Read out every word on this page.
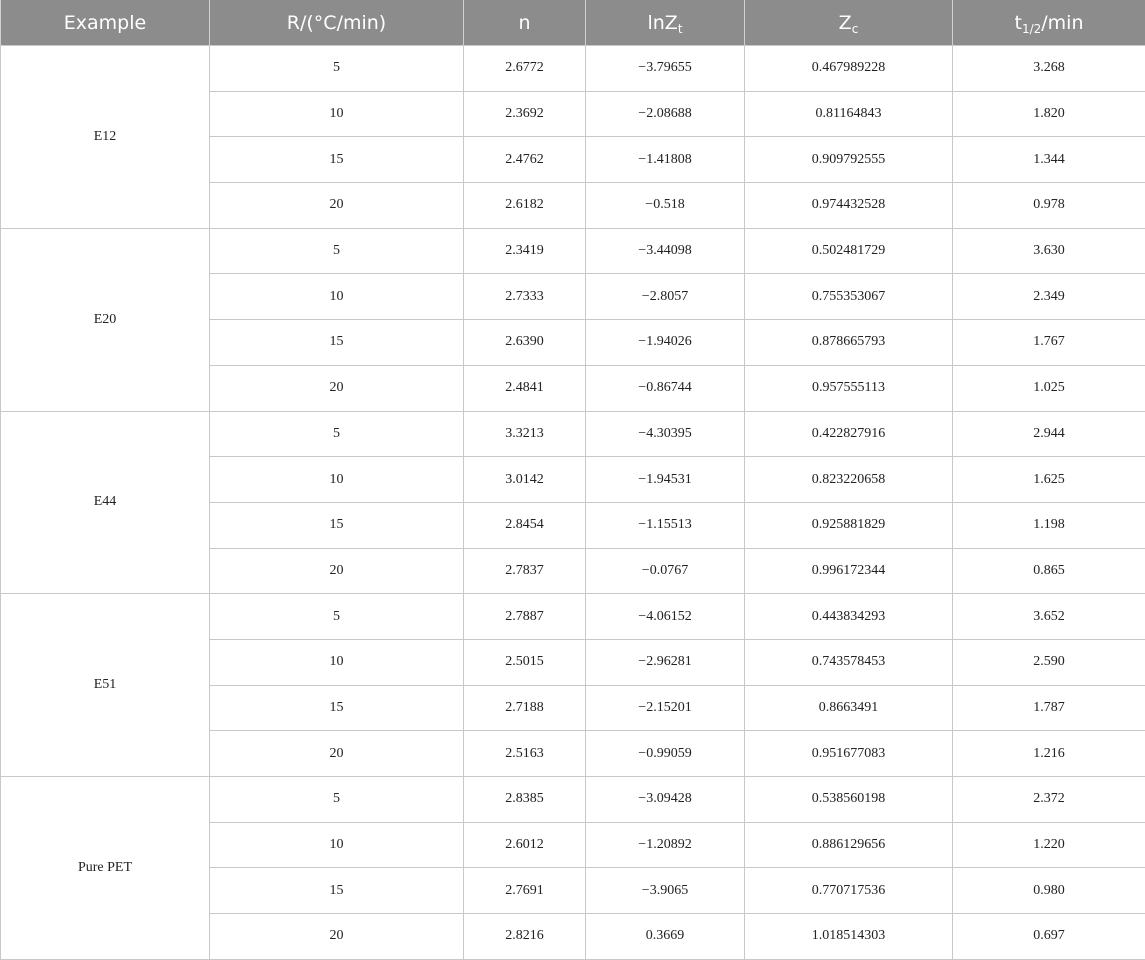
Example	R/(°C/min)	n	lnZ$_t$	$Z_c$	$t_{1/2}/\min$
E12	5	2.6772	−3.79655	0.467989228	3.268
	10	2.3692	−2.08688	0.81164843	1.820
	15	2.4762	−1.41808	0.909792555	1.344
	20	2.6182	−0.518	0.974432528	0.978
E20	5	2.3419	−3.44098	0.502481729	3.630
	10	2.7333	−2.8057	0.755353067	2.349
	15	2.6390	−1.94026	0.878665793	1.767
	20	2.4841	−0.86744	0.957555113	1.025
E44	5	3.3213	−4.30395	0.422827916	2.944
	10	3.0142	−1.94531	0.823220658	1.625
	15	2.8454	−1.15513	0.925881829	1.198
	20	2.7837	−0.0767	0.996172344	0.865
E51	5	2.7887	−4.06152	0.443834293	3.652
	10	2.5015	−2.96281	0.743578453	2.590
	15	2.7188	−2.15201	0.8663491	1.787
	20	2.5163	−0.99059	0.951677083	1.216
Pure PET	5	2.8385	−3.09428	0.538560198	2.372
	10	2.6012	−1.20892	0.886129656	1.220
	15	2.7691	−3.9065	0.770717536	0.980
	20	2.8216	0.3669	1.018514303	0.697
